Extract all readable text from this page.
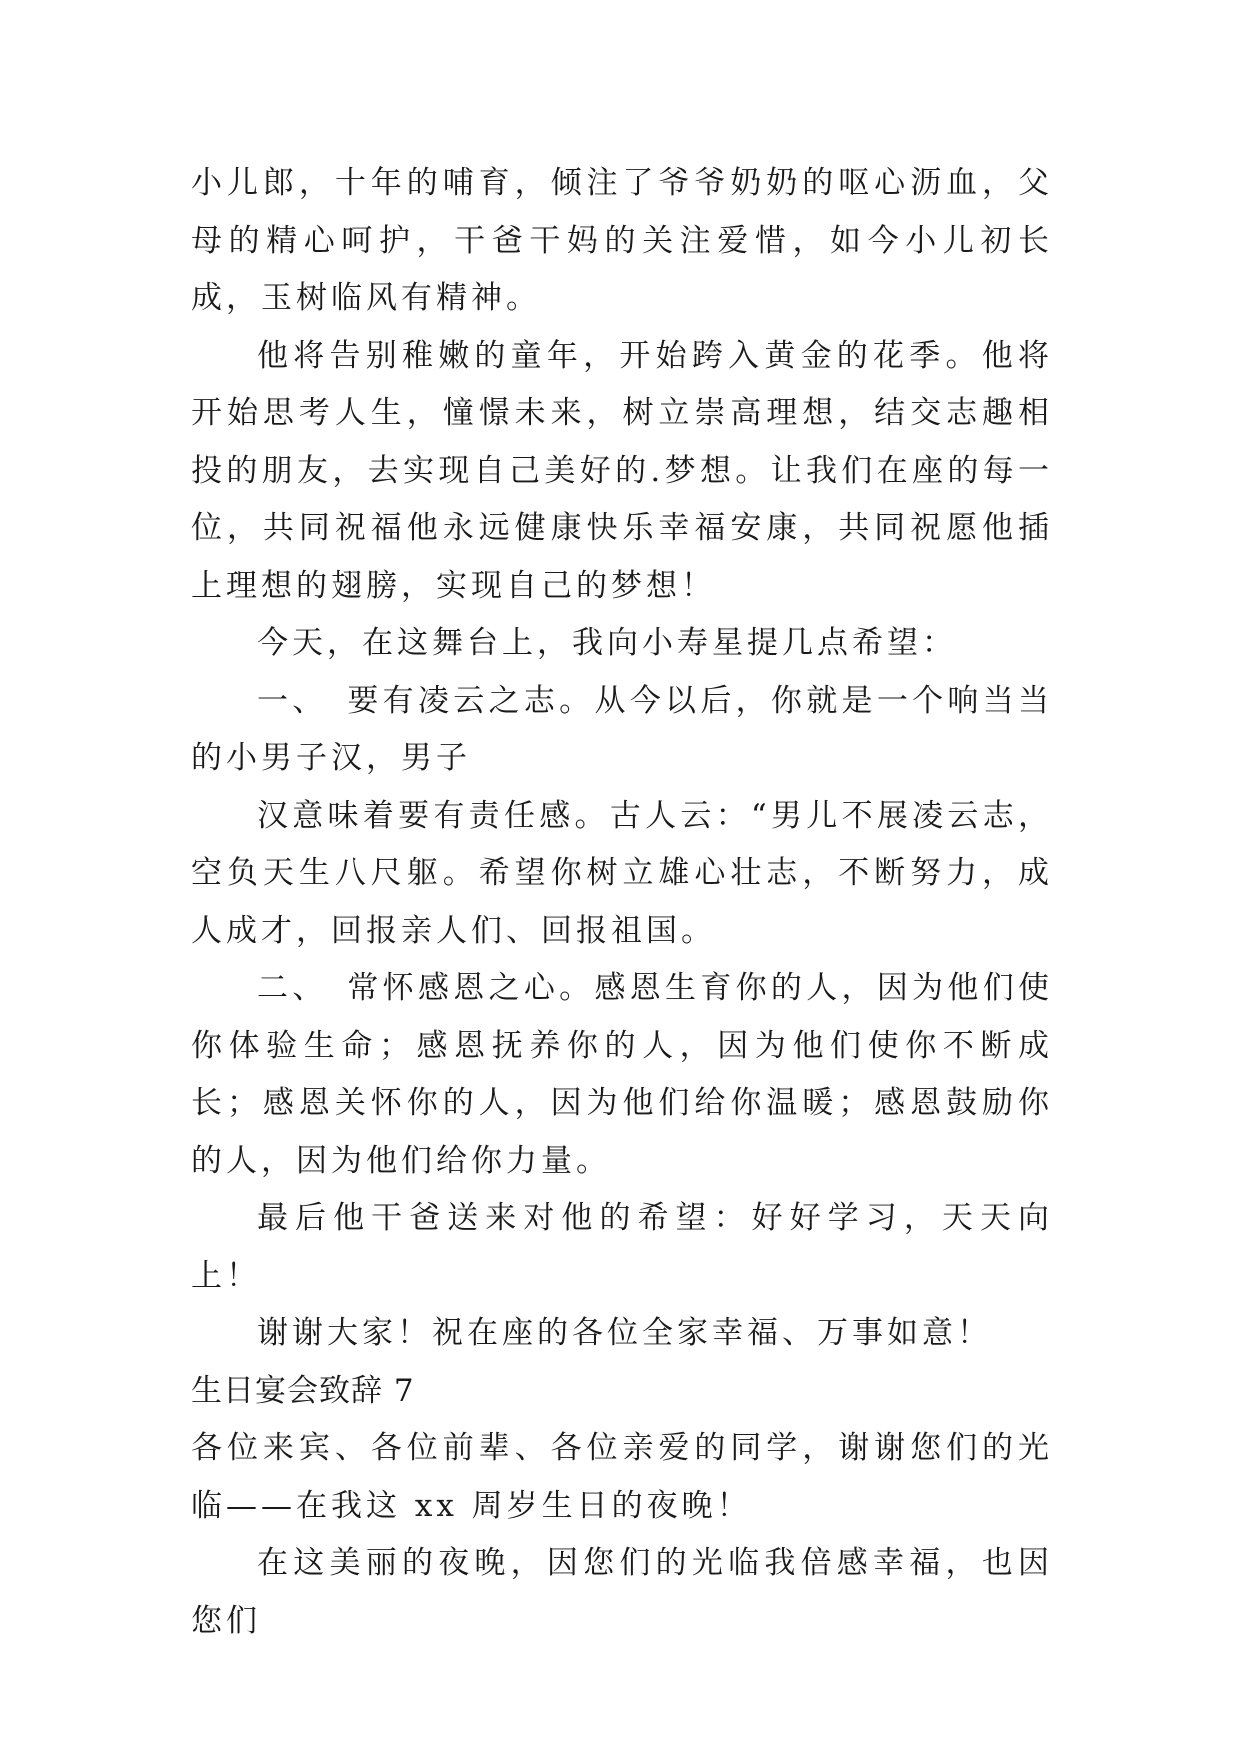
小儿郎，十年的哺育，倾注了爷爷奶奶的呕心沥血，父母的精心呵护，干爸干妈的关注爱惜，如今小儿初长成，玉树临风有精神。

他将告别稚嫩的童年，开始跨入黄金的花季。他将开始思考人生，憧憬未来，树立崇高理想，结交志趣相投的朋友，去实现自己美好的.梦想。让我们在座的每一位，共同祝福他永远健康快乐幸福安康，共同祝愿他插上理想的翅膀，实现自己的梦想！

今天，在这舞台上，我向小寿星提几点希望：

一、　要有凌云之志。从今以后，你就是一个响当当的小男子汉，男子

汉意味着要有责任感。古人云：“男儿不展凌云志，空负天生八尺躯。希望你树立雄心壮志，不断努力，成人成才，回报亲人们、回报祖国。

二、　常怀感恩之心。感恩生育你的人，因为他们使你体验生命；感恩抚养你的人，因为他们使你不断成长；感恩关怀你的人，因为他们给你温暖；感恩鼓励你的人，因为他们给你力量。

最后他干爸送来对他的希望：好好学习，天天向上！

谢谢大家！祝在座的各位全家幸福、万事如意！

生日宴会致辞 7

各位来宾、各位前辈、各位亲爱的同学，谢谢您们的光临——在我这 xx 周岁生日的夜晚！

在这美丽的夜晚，因您们的光临我倍感幸福，也因您们
